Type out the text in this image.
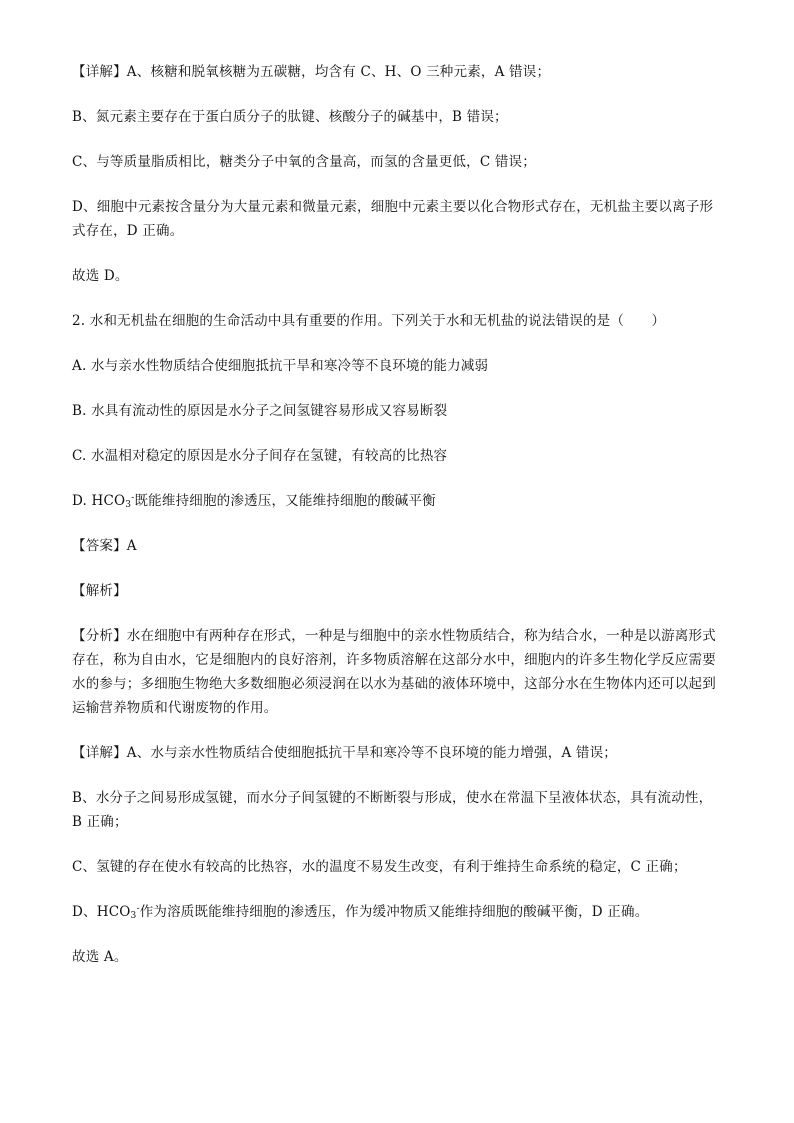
【详解】A、核糖和脱氧核糖为五碳糖，均含有 C、H、O 三种元素，A 错误；

B、氮元素主要存在于蛋白质分子的肽键、核酸分子的碱基中，B 错误；

C、与等质量脂质相比，糖类分子中氧的含量高，而氢的含量更低，C 错误；

D、细胞中元素按含量分为大量元素和微量元素，细胞中元素主要以化合物形式存在，无机盐主要以离子形式存在，D 正确。

故选 D。

2. 水和无机盐在细胞的生命活动中具有重要的作用。下列关于水和无机盐的说法错误的是（　　）

A. 水与亲水性物质结合使细胞抵抗干旱和寒冷等不良环境的能力减弱

B. 水具有流动性的原因是水分子之间氢键容易形成又容易断裂

C. 水温相对稳定的原因是水分子间存在氢键，有较高的比热容

D. $HCO_3^-$既能维持细胞的渗透压，又能维持细胞的酸碱平衡

【答案】A

【解析】

【分析】水在细胞中有两种存在形式，一种是与细胞中的亲水性物质结合，称为结合水，一种是以游离形式存在，称为自由水，它是细胞内的良好溶剂，许多物质溶解在这部分水中，细胞内的许多生物化学反应需要水的参与；多细胞生物绝大多数细胞必须浸润在以水为基础的液体环境中，这部分水在生物体内还可以起到运输营养物质和代谢废物的作用。

【详解】A、水与亲水性物质结合使细胞抵抗干旱和寒冷等不良环境的能力增强，A 错误；

B、水分子之间易形成氢键，而水分子间氢键的不断断裂与形成，使水在常温下呈液体状态，具有流动性，B 正确；

C、氢键的存在使水有较高的比热容，水的温度不易发生改变，有利于维持生命系统的稳定，C 正确；

D、$HCO_3^-$作为溶质既能维持细胞的渗透压，作为缓冲物质又能维持细胞的酸碱平衡，D 正确。

故选 A。
